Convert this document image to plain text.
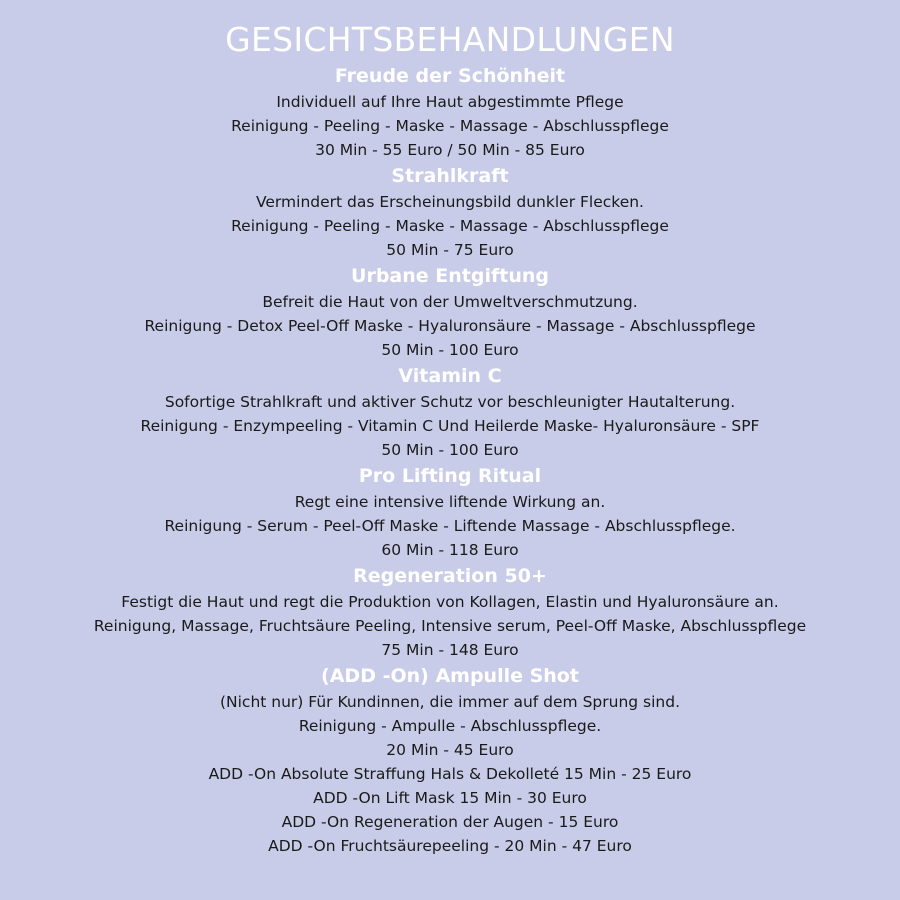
GESICHTSBEHANDLUNGEN
Freude der Schönheit

Individuell auf Ihre Haut abgestimmte Pflege

Reinigung - Peeling - Maske - Massage - Abschlusspflege

30 Min - 55 Euro / 50 Min - 85 Euro

Strahlkraft

Vermindert das Erscheinungsbild dunkler Flecken.

Reinigung - Peeling - Maske - Massage - Abschlusspflege

50 Min - 75 Euro

Urbane Entgiftung

Befreit die Haut von der Umweltverschmutzung.

Reinigung - Detox Peel-Off Maske - Hyaluronsäure - Massage - Abschlusspflege

50 Min - 100 Euro

Vitamin C

Sofortige Strahlkraft und aktiver Schutz vor beschleunigter Hautalterung.

Reinigung - Enzympeeling - Vitamin C Und Heilerde Maske- Hyaluronsäure - SPF

50 Min - 100 Euro

Pro Lifting Ritual

Regt eine intensive liftende Wirkung an.

Reinigung - Serum - Peel-Off Maske - Liftende Massage - Abschlusspflege.

60 Min - 118 Euro

Regeneration 50+

Festigt die Haut und regt die Produktion von Kollagen, Elastin und Hyaluronsäure an.

Reinigung, Massage, Fruchtsäure Peeling, Intensive serum, Peel-Off Maske, Abschlusspflege

75 Min - 148 Euro

(ADD -On) Ampulle Shot

(Nicht nur) Für Kundinnen, die immer auf dem Sprung sind.

Reinigung - Ampulle - Abschlusspflege.

20 Min - 45 Euro

ADD -On Absolute Straffung Hals & Dekolleté 15 Min - 25 Euro

ADD -On Lift Mask 15 Min - 30 Euro

ADD -On Regeneration der Augen - 15 Euro

ADD -On Fruchtsäurepeeling - 20 Min - 47 Euro
